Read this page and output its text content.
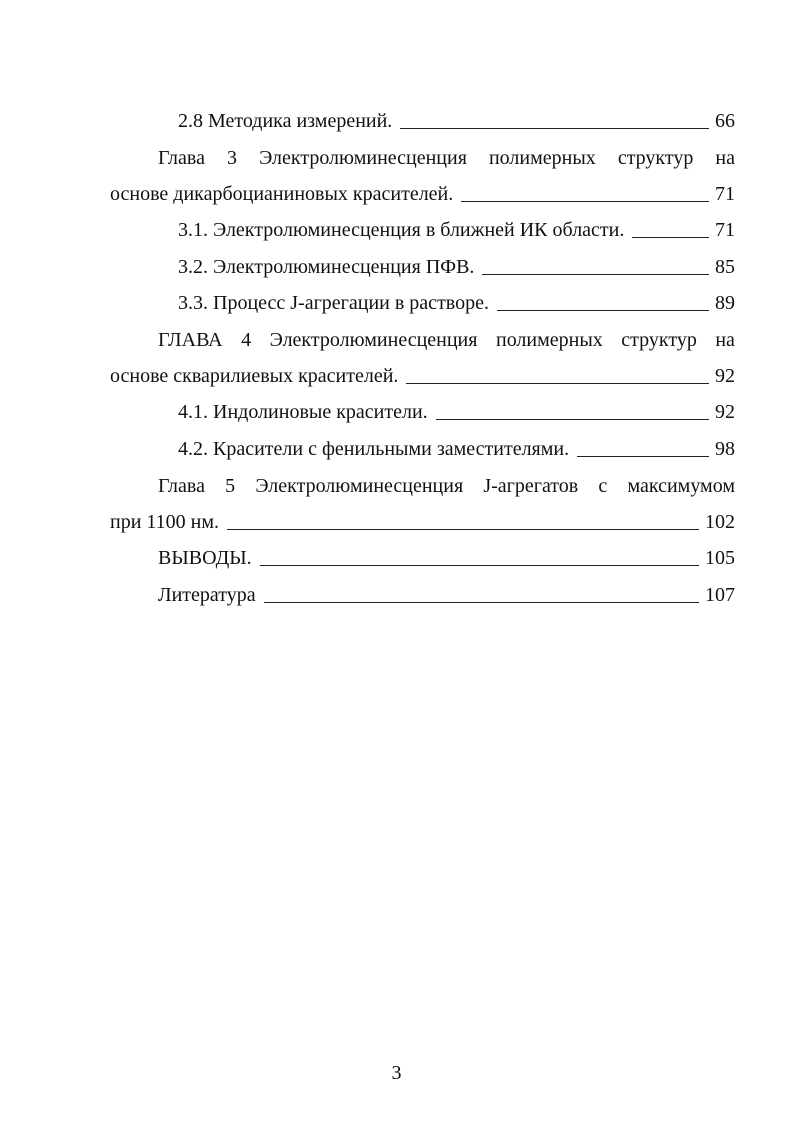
2.8 Методика измерений.	66
Глава 3 Электролюминесценция полимерных структур на
основе дикарбоцианиновых красителей.	71
3.1. Электролюминесценция в ближней ИК области.	71
3.2. Электролюминесценция ПФВ.	85
3.3. Процесс J-агрегации в растворе.	89
ГЛАВА 4 Электролюминесценция полимерных структур на
основе скварилиевых красителей.	92
4.1. Индолиновые красители.	92
4.2. Красители с фенильными заместителями.	98
Глава 5 Электролюминесценция J-агрегатов с максимумом
при 1100 нм.	102
ВЫВОДЫ.	105
Литература	107
3
